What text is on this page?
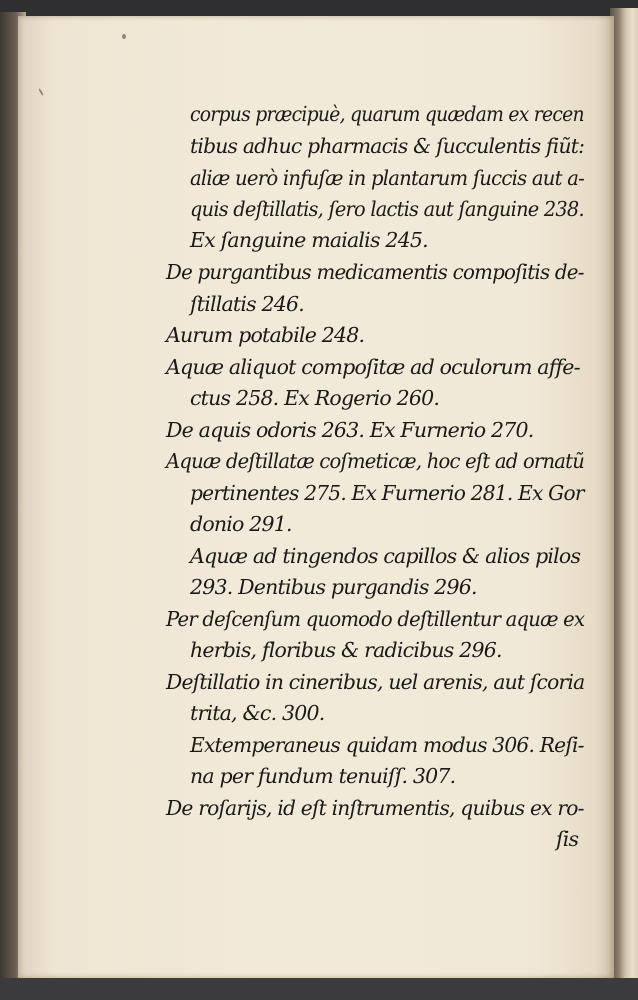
corpus præcipuè, quarum quædam ex recen

tibus adhuc pharmacis & ſucculentis fiũt:

aliæ uerò infuſæ in plantarum ſuccis aut a-

quis deſtillatis, ſero lactis aut ſanguine 238.

Ex ſanguine maialis 245.

De purgantibus medicamentis compoſitis de-

ſtillatis 246.

Aurum potabile 248.

Aquæ aliquot compoſitæ ad oculorum affe-

ctus 258. Ex Rogerio 260.

De aquis odoris 263. Ex Furnerio 270.

Aquæ deſtillatæ coſmeticæ, hoc eſt ad ornatũ

pertinentes 275. Ex Furnerio 281. Ex Gor

donio 291.

Aquæ ad tingendos capillos & alios pilos

293. Dentibus purgandis 296.

Per deſcenſum quomodo deſtillentur aquæ ex

herbis, floribus & radicibus 296.

Deſtillatio in cineribus, uel arenis, aut ſcoria

trita, &c. 300.

Extemperaneus quidam modus 306. Reſi-

na per fundum tenuiſſ. 307.

De roſarijs, id eſt inſtrumentis, quibus ex ro-

ſis
